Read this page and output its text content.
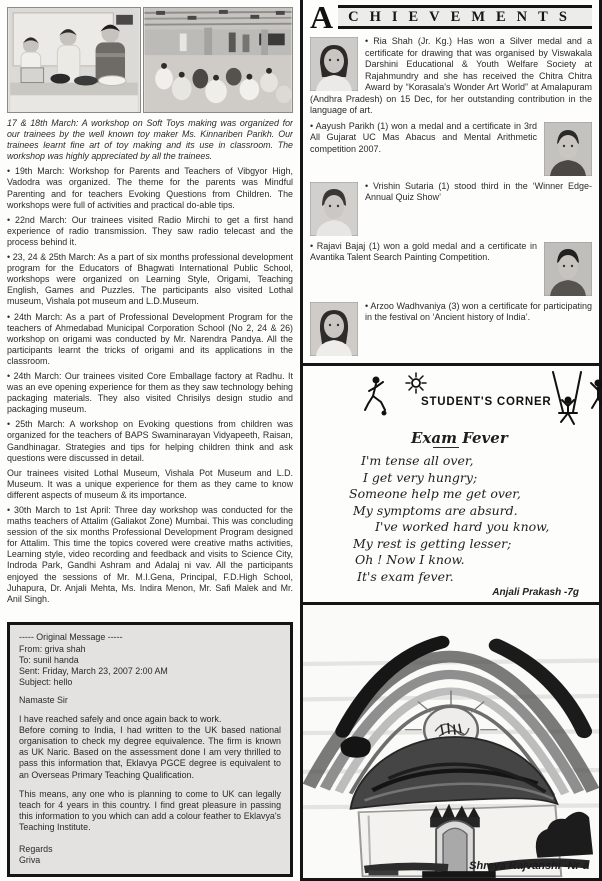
17 & 18th March: A workshop on Soft Toys making was organized for our trainees by the well known toy maker Ms. Kinnariben Parikh. Our trainees learnt fine art of toy making and its use in classroom. The workshop was highly appreciated by all the trainees.

• 19th March: Workshop for Parents and Teachers of Vibgyor High, Vadodra was organized. The theme for the parents was Mindful Parenting and for teachers Evoking Questions from Children. The workshops were full of activities and practical do-able tips.

• 22nd March: Our trainees visited Radio Mirchi to get a first hand experience of radio transmission. They saw radio telecast and the process behind it.

• 23, 24 & 25th March: As a part of six months professional development program for the Educators of Bhagwati International Public School, workshops were organized on Learning Style, Origami, Teaching English, Games and Puzzles. The participants also visited Lothal museum, Vishala pot museum and L.D.Museum.

• 24th March: As a part of Professional Development Program for the teachers of Ahmedabad Municipal Corporation School (No 2, 24 & 26) workshop on origami was conducted by Mr. Narendra Pandya. All the participants learnt the tricks of origami and its applications in the classroom.

• 24th March: Our trainees visited Core Emballage factory at Radhu. It was an eve opening experience for them as they saw technology behing packaging materials. They also visited Chrisilys design studio and packaging museum.

• 25th March: A workshop on Evoking questions from children was organized for the teachers of BAPS Swaminarayan Vidyapeeth, Raisan, Gandhinagar. Strategies and tips for helping children think and ask questions were discussed in detail.

Our trainees visited Lothal Museum, Vishala Pot Museum and L.D. Museum. It was a unique experience for them as they came to know different aspects of museum & its importance.

• 30th March to 1st April: Three day workshop was conducted for the maths teachers of Attalim (Galiakot Zone) Mumbai. This was concluding session of the six months Professional Development Program designed for Attalim. This time the topics covered were creative maths activities, Learning style, video recording and feedback and visits to Science City, Indroda Park, Gandhi Ashram and Adalaj ni vav. All the participants enjoyed the sessions of Mr. M.I.Gena, Principal, F.D.High School, Juhapura, Dr. Anjali Mehta, Ms. Indira Menon, Mr. Safi Malek and Mr. Anil Singh.

----- Original Message -----

From: griva shah

To: sunil handa

Sent: Friday, March 23, 2007 2:00 AM

Subject: hello

Namaste Sir

I have reached safely and once again back to work.

Before coming to India, I had written to the UK based national organisation to check my degree equivalence. The firm is known as UK Naric. Based on the assessment done I am very thrilled to pass this information that, Eklavya PGCE degree is equivalent to an Overseas Primary Teaching Qualification.

This means, any one who is planning to come to UK can legally teach for 4 years in this country. I find great pleasure in passing this information to you which can add a colour feather to Eklavya's Teaching Institute.

Regards

Griva

A	CHIEVEMENTS

• Ria Shah (Jr. Kg.) Has won a Silver medal and a certificate for drawing that was organised by Viswakala Darshini Educational & Youth Welfare Society at Rajahmundry and she has received the Chitra Chitra Award by “Korasala's Wonder Art World” at Amalapuram (Andhra Pradesh) on 15 Dec, for her outstanding contribution in the language of art.

• Aayush Parikh (1) won a medal and a certificate in 3rd All Gujarat UC Mas Abacus and Mental Arithmetic competition 2007.

• Vrishin Sutaria (1) stood third in the ‘Winner Edge-Annual Quiz Show’

• Rajavi Bajaj (1) won a gold medal and a certificate in Avantika Talent Search Painting Competition.

• Arzoo Wadhvaniya (3) won a certificate for participating in the festival on ‘Ancient history of India’.

STUDENT'S CORNER
Exam Fever

I'm tense all over,

I get very hungry;

Someone help me get over,

My symptoms are absurd.

I've worked hard you know,

My rest is getting lesser;

Oh ! Now I know.

It's exam fever.

Anjali Prakash -7g

Shreya Rajvanshi -Nr a
